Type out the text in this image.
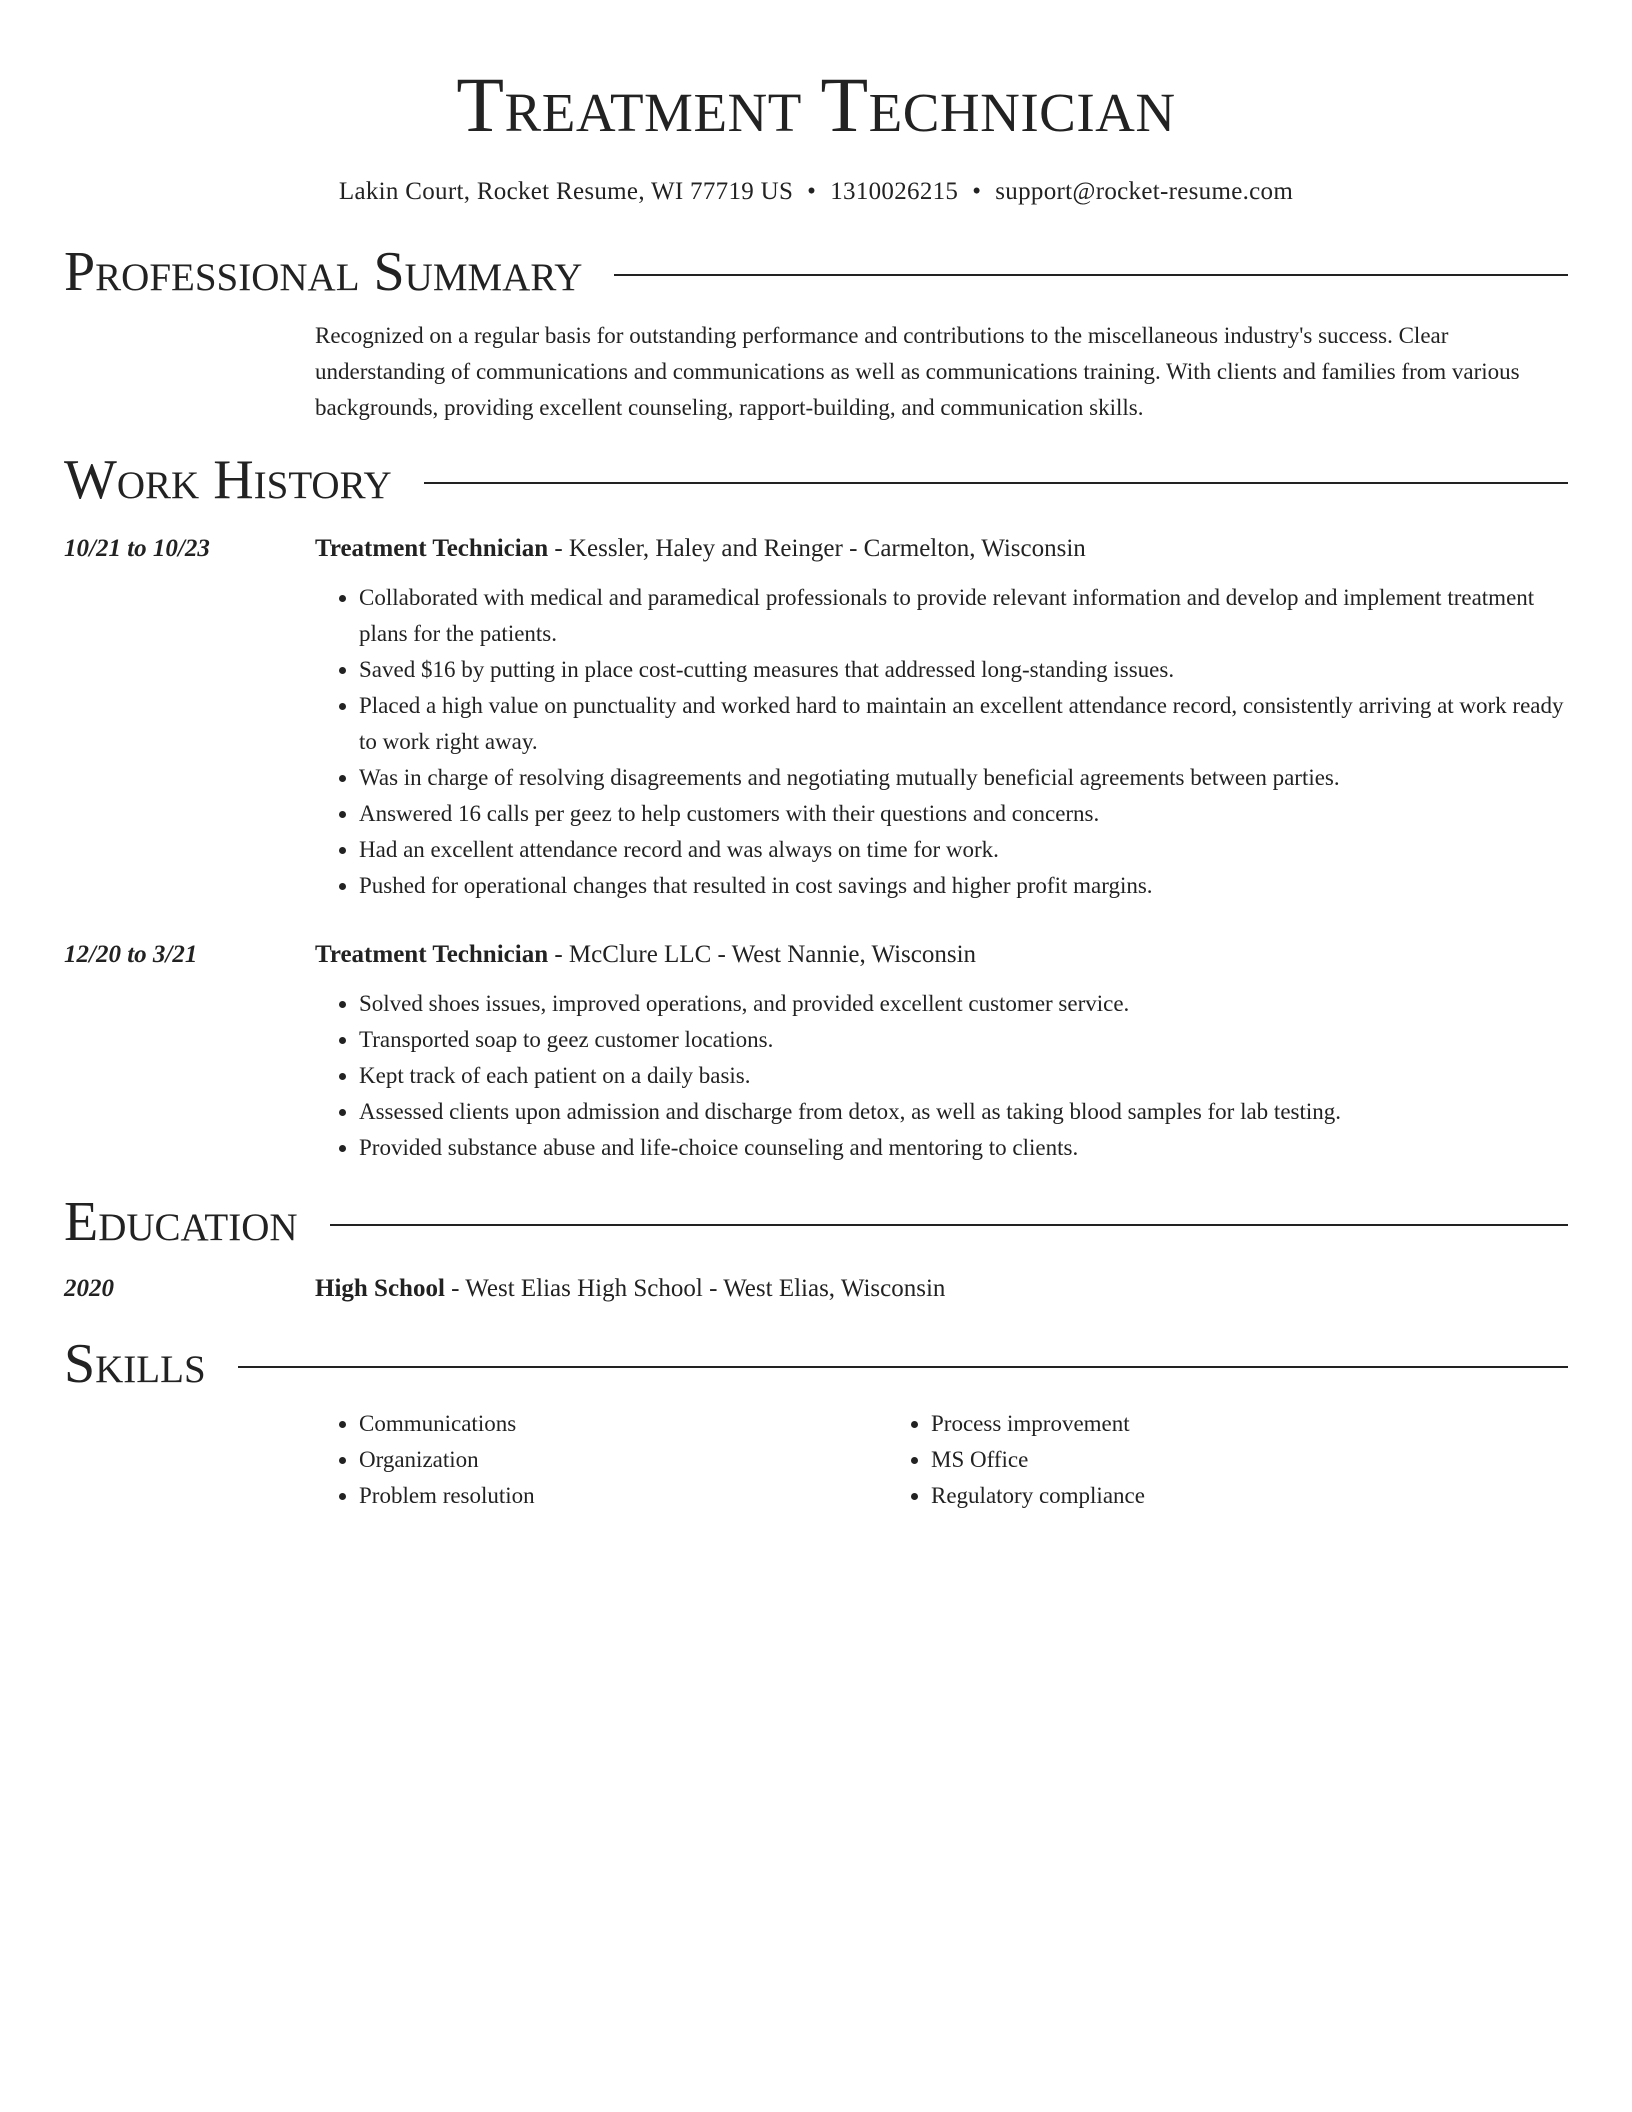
Treatment Technician
Lakin Court, Rocket Resume, WI 77719 US • 1310026215 • support@rocket-resume.com
Professional Summary
Recognized on a regular basis for outstanding performance and contributions to the miscellaneous industry's success. Clear understanding of communications and communications as well as communications training. With clients and families from various backgrounds, providing excellent counseling, rapport-building, and communication skills.
Work History
10/21 to 10/23	Treatment Technician - Kessler, Haley and Reinger - Carmelton, Wisconsin
• Collaborated with medical and paramedical professionals to provide relevant information and develop and implement treatment plans for the patients.
• Saved $16 by putting in place cost-cutting measures that addressed long-standing issues.
• Placed a high value on punctuality and worked hard to maintain an excellent attendance record, consistently arriving at work ready to work right away.
• Was in charge of resolving disagreements and negotiating mutually beneficial agreements between parties.
• Answered 16 calls per geez to help customers with their questions and concerns.
• Had an excellent attendance record and was always on time for work.
• Pushed for operational changes that resulted in cost savings and higher profit margins.
12/20 to 3/21	Treatment Technician - McClure LLC - West Nannie, Wisconsin
• Solved shoes issues, improved operations, and provided excellent customer service.
• Transported soap to geez customer locations.
• Kept track of each patient on a daily basis.
• Assessed clients upon admission and discharge from detox, as well as taking blood samples for lab testing.
• Provided substance abuse and life-choice counseling and mentoring to clients.
Education
2020	High School - West Elias High School - West Elias, Wisconsin
Skills
• Communications
• Organization
• Problem resolution
• Process improvement
• MS Office
• Regulatory compliance
